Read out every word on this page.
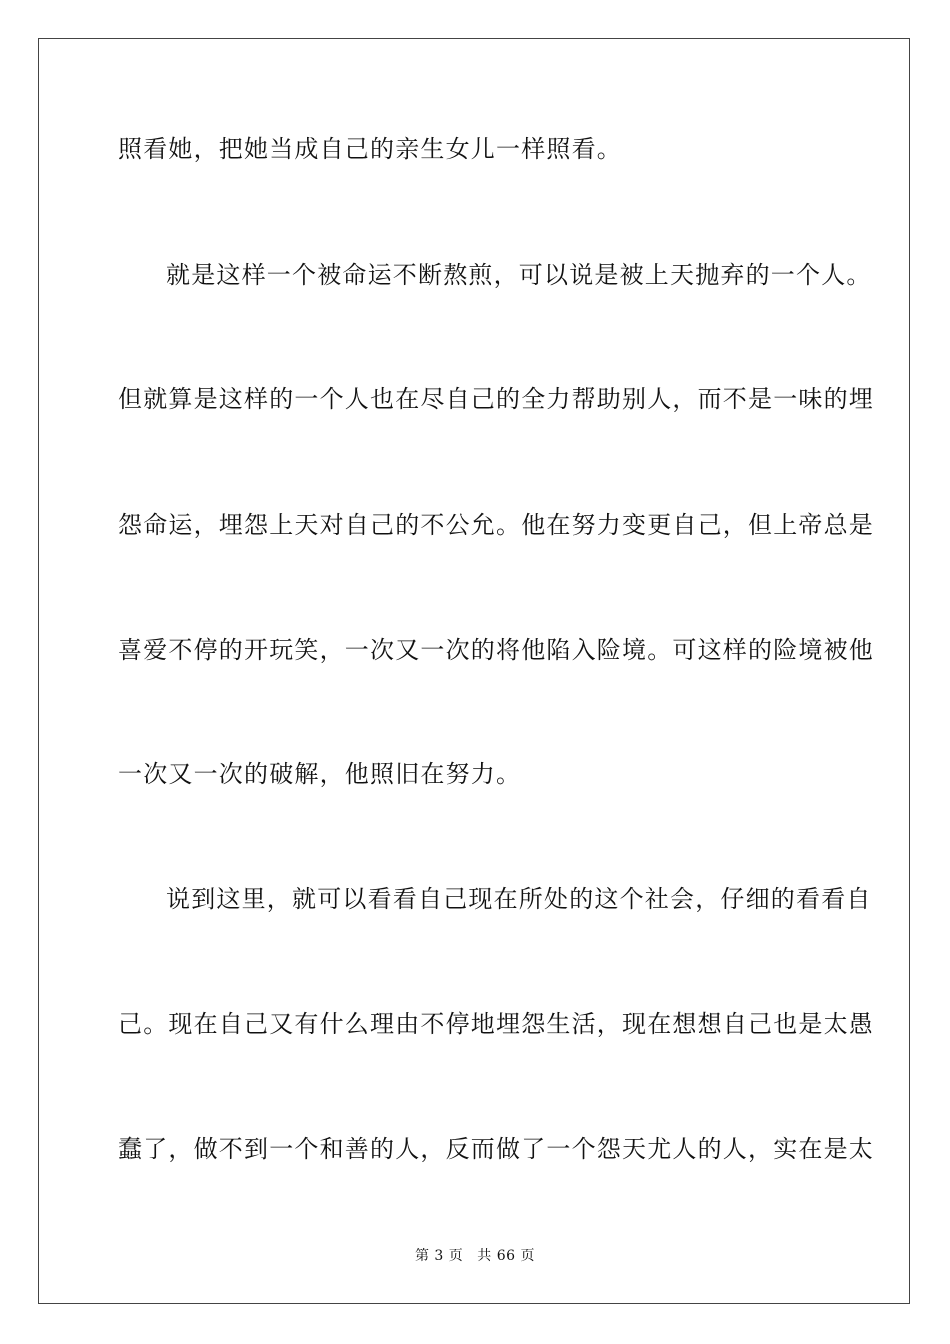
照看她，把她当成自己的亲生女儿一样照看。
就是这样一个被命运不断熬煎，可以说是被上天抛弃的一个人。
但就算是这样的一个人也在尽自己的全力帮助别人，而不是一味的埋
怨命运，埋怨上天对自己的不公允。他在努力变更自己，但上帝总是
喜爱不停的开玩笑，一次又一次的将他陷入险境。可这样的险境被他
一次又一次的破解，他照旧在努力。
说到这里，就可以看看自己现在所处的这个社会，仔细的看看自
己。现在自己又有什么理由不停地埋怨生活，现在想想自己也是太愚
蠢了，做不到一个和善的人，反而做了一个怨天尤人的人，实在是太
第 3 页 共 66 页
